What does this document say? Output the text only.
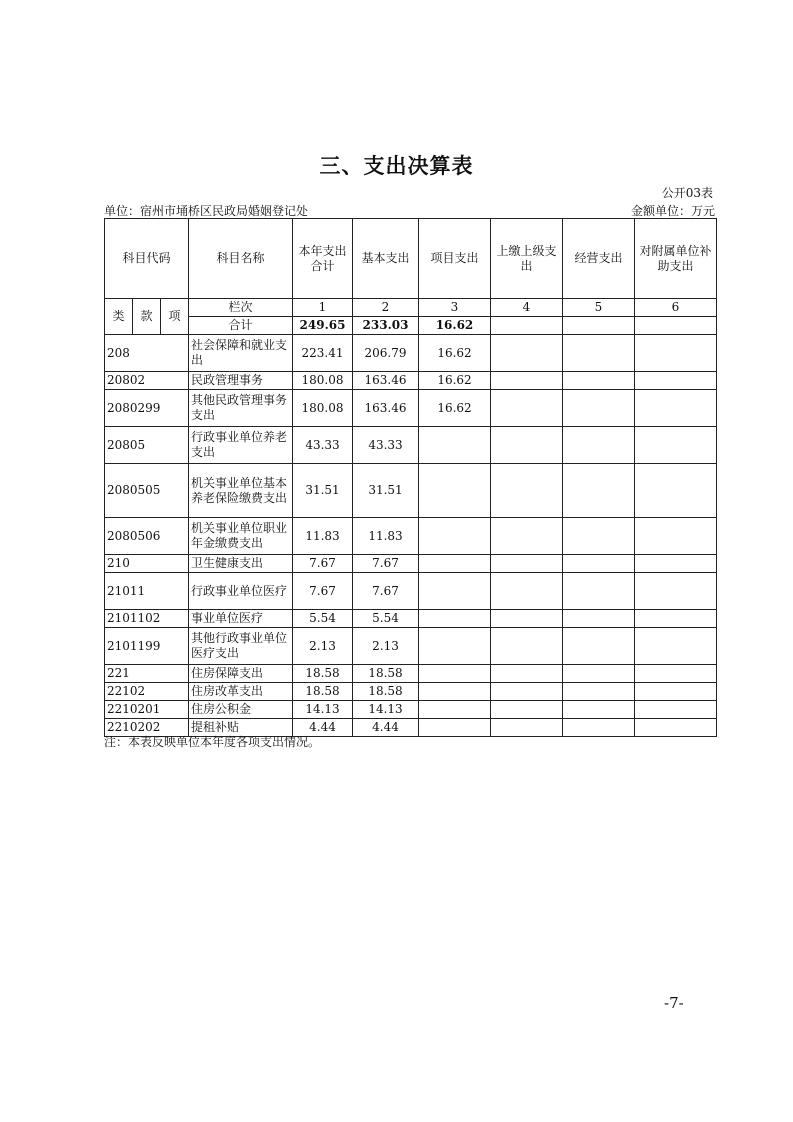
三、支出决算表
公开03表
单位：宿州市埇桥区民政局婚姻登记处	金额单位：万元
科目代码			科目名称	本年支出合计	基本支出	项目支出	上缴上级支出	经营支出	对附属单位补助支出
类	款	项	栏次	1	2	3	4	5	6
			合计	249.65	233.03	16.62			
208			社会保障和就业支出	223.41	206.79	16.62			
20802			民政管理事务	180.08	163.46	16.62			
2080299			其他民政管理事务支出	180.08	163.46	16.62			
20805			行政事业单位养老支出	43.33	43.33				
2080505			机关事业单位基本养老保险缴费支出	31.51	31.51				
2080506			机关事业单位职业年金缴费支出	11.83	11.83				
210			卫生健康支出	7.67	7.67				
21011			行政事业单位医疗	7.67	7.67				
2101102			事业单位医疗	5.54	5.54				
2101199			其他行政事业单位医疗支出	2.13	2.13				
221			住房保障支出	18.58	18.58				
22102			住房改革支出	18.58	18.58				
2210201			住房公积金	14.13	14.13				
2210202			提租补贴	4.44	4.44				
注：本表反映单位本年度各项支出情况。
-7-
